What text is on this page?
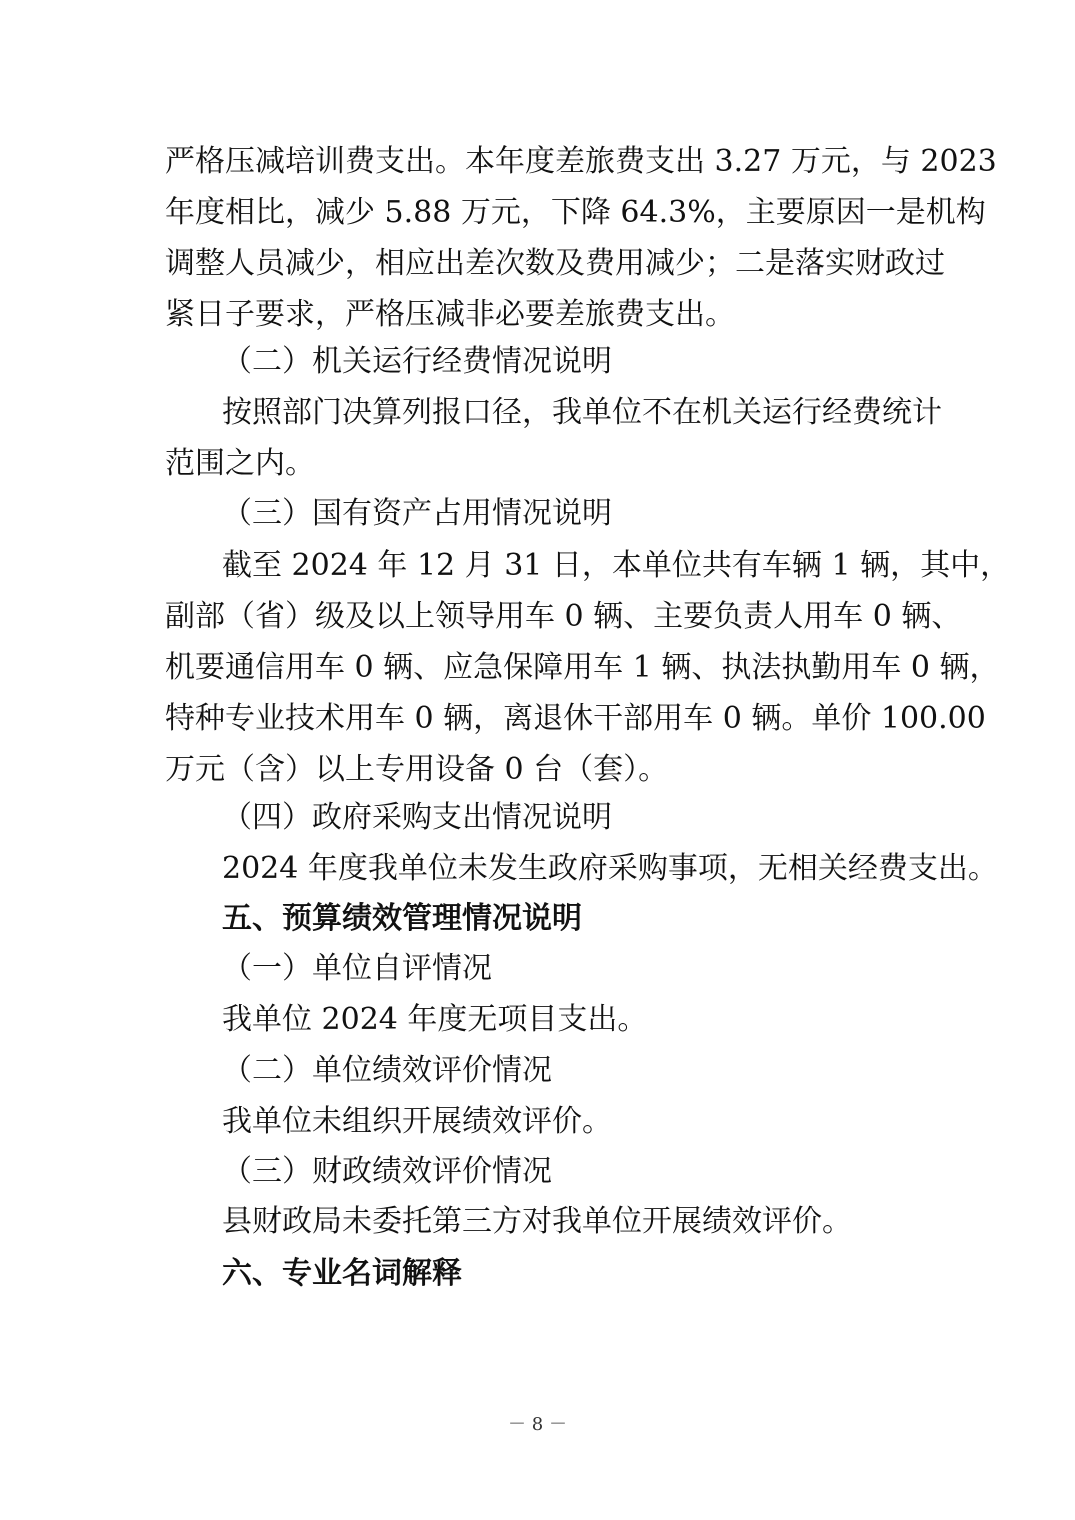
严格压减培训费支出。本年度差旅费支出 3.27 万元，与 2023

年度相比，减少 5.88 万元，下降 64.3%，主要原因一是机构

调整人员减少，相应出差次数及费用减少；二是落实财政过

紧日子要求，严格压减非必要差旅费支出。

（二）机关运行经费情况说明

按照部门决算列报口径，我单位不在机关运行经费统计

范围之内。

（三）国有资产占用情况说明

截至 2024 年 12 月 31 日，本单位共有车辆 1 辆，其中，

副部（省）级及以上领导用车 0 辆、主要负责人用车 0 辆、

机要通信用车 0 辆、应急保障用车 1 辆、执法执勤用车 0 辆，

特种专业技术用车 0 辆，离退休干部用车 0 辆。单价 100.00

万元（含）以上专用设备 0 台（套）。

（四）政府采购支出情况说明

2024 年度我单位未发生政府采购事项，无相关经费支出。

五、预算绩效管理情况说明

（一）单位自评情况

我单位 2024 年度无项目支出。

（二）单位绩效评价情况

我单位未组织开展绩效评价。

（三）财政绩效评价情况

县财政局未委托第三方对我单位开展绩效评价。

六、专业名词解释

－ 8 －
